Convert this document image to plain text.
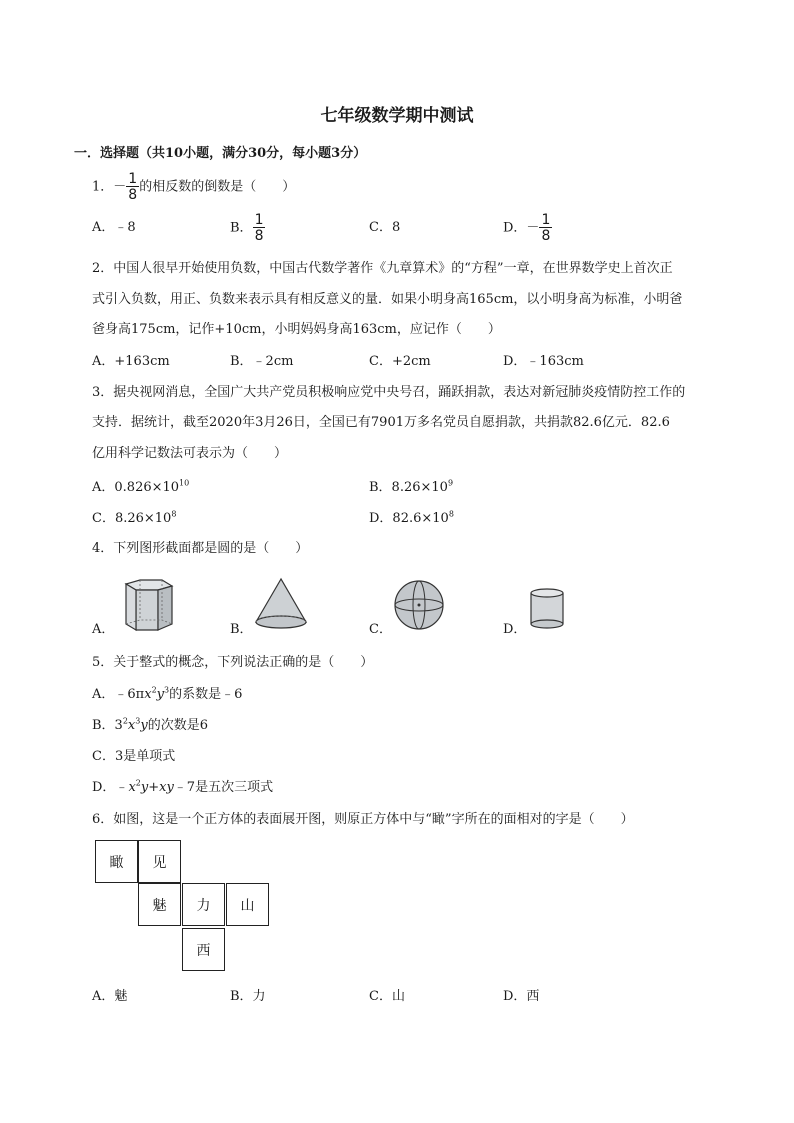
七年级数学期中测试
一．选择题（共10小题，满分30分，每小题3分）
1．－ $\frac{1}{8}$ 的相反数的倒数是（　　）
A．﹣8	B． $\frac{1}{8}$	C．8	D．－ $\frac{1}{8}$
2．中国人很早开始使用负数，中国古代数学著作《九章算术》的“方程”一章，在世界数学史上首次正
式引入负数，用正、负数来表示具有相反意义的量．如果小明身高165cm，以小明身高为标准，小明爸
爸身高175cm，记作+10cm，小明妈妈身高163cm，应记作（　　）
A．+163cm	B．﹣2cm	C．+2cm	D．﹣163cm
3．据央视网消息，全国广大共产党员积极响应党中央号召，踊跃捐款，表达对新冠肺炎疫情防控工作的
支持．据统计，截至2020年3月26日，全国已有7901万多名党员自愿捐款，共捐款82.6亿元．82.6
亿用科学记数法可表示为（　　）
A．$0.826\times 10^{10}$	B．$8.26\times 10^9$
C．$8.26\times 10^8$	D．$82.6\times 10^8$
4．下列图形截面都是圆的是（　　）
A．	B．	C．	D．
5．关于整式的概念，下列说法正确的是（　　）
A．$﹣6\pi x^2y^3$的系数是﹣6
B．$3^2x^3y$的次数是6
C．3是单项式
D．$﹣x^2y+xy﹣7$是五次三项式
6．如图，这是一个正方体的表面展开图，则原正方体中与“瞰”字所在的面相对的字是（　　）
瞰	见
魅	力	山
西
A．魅	B．力	C．山	D．西
